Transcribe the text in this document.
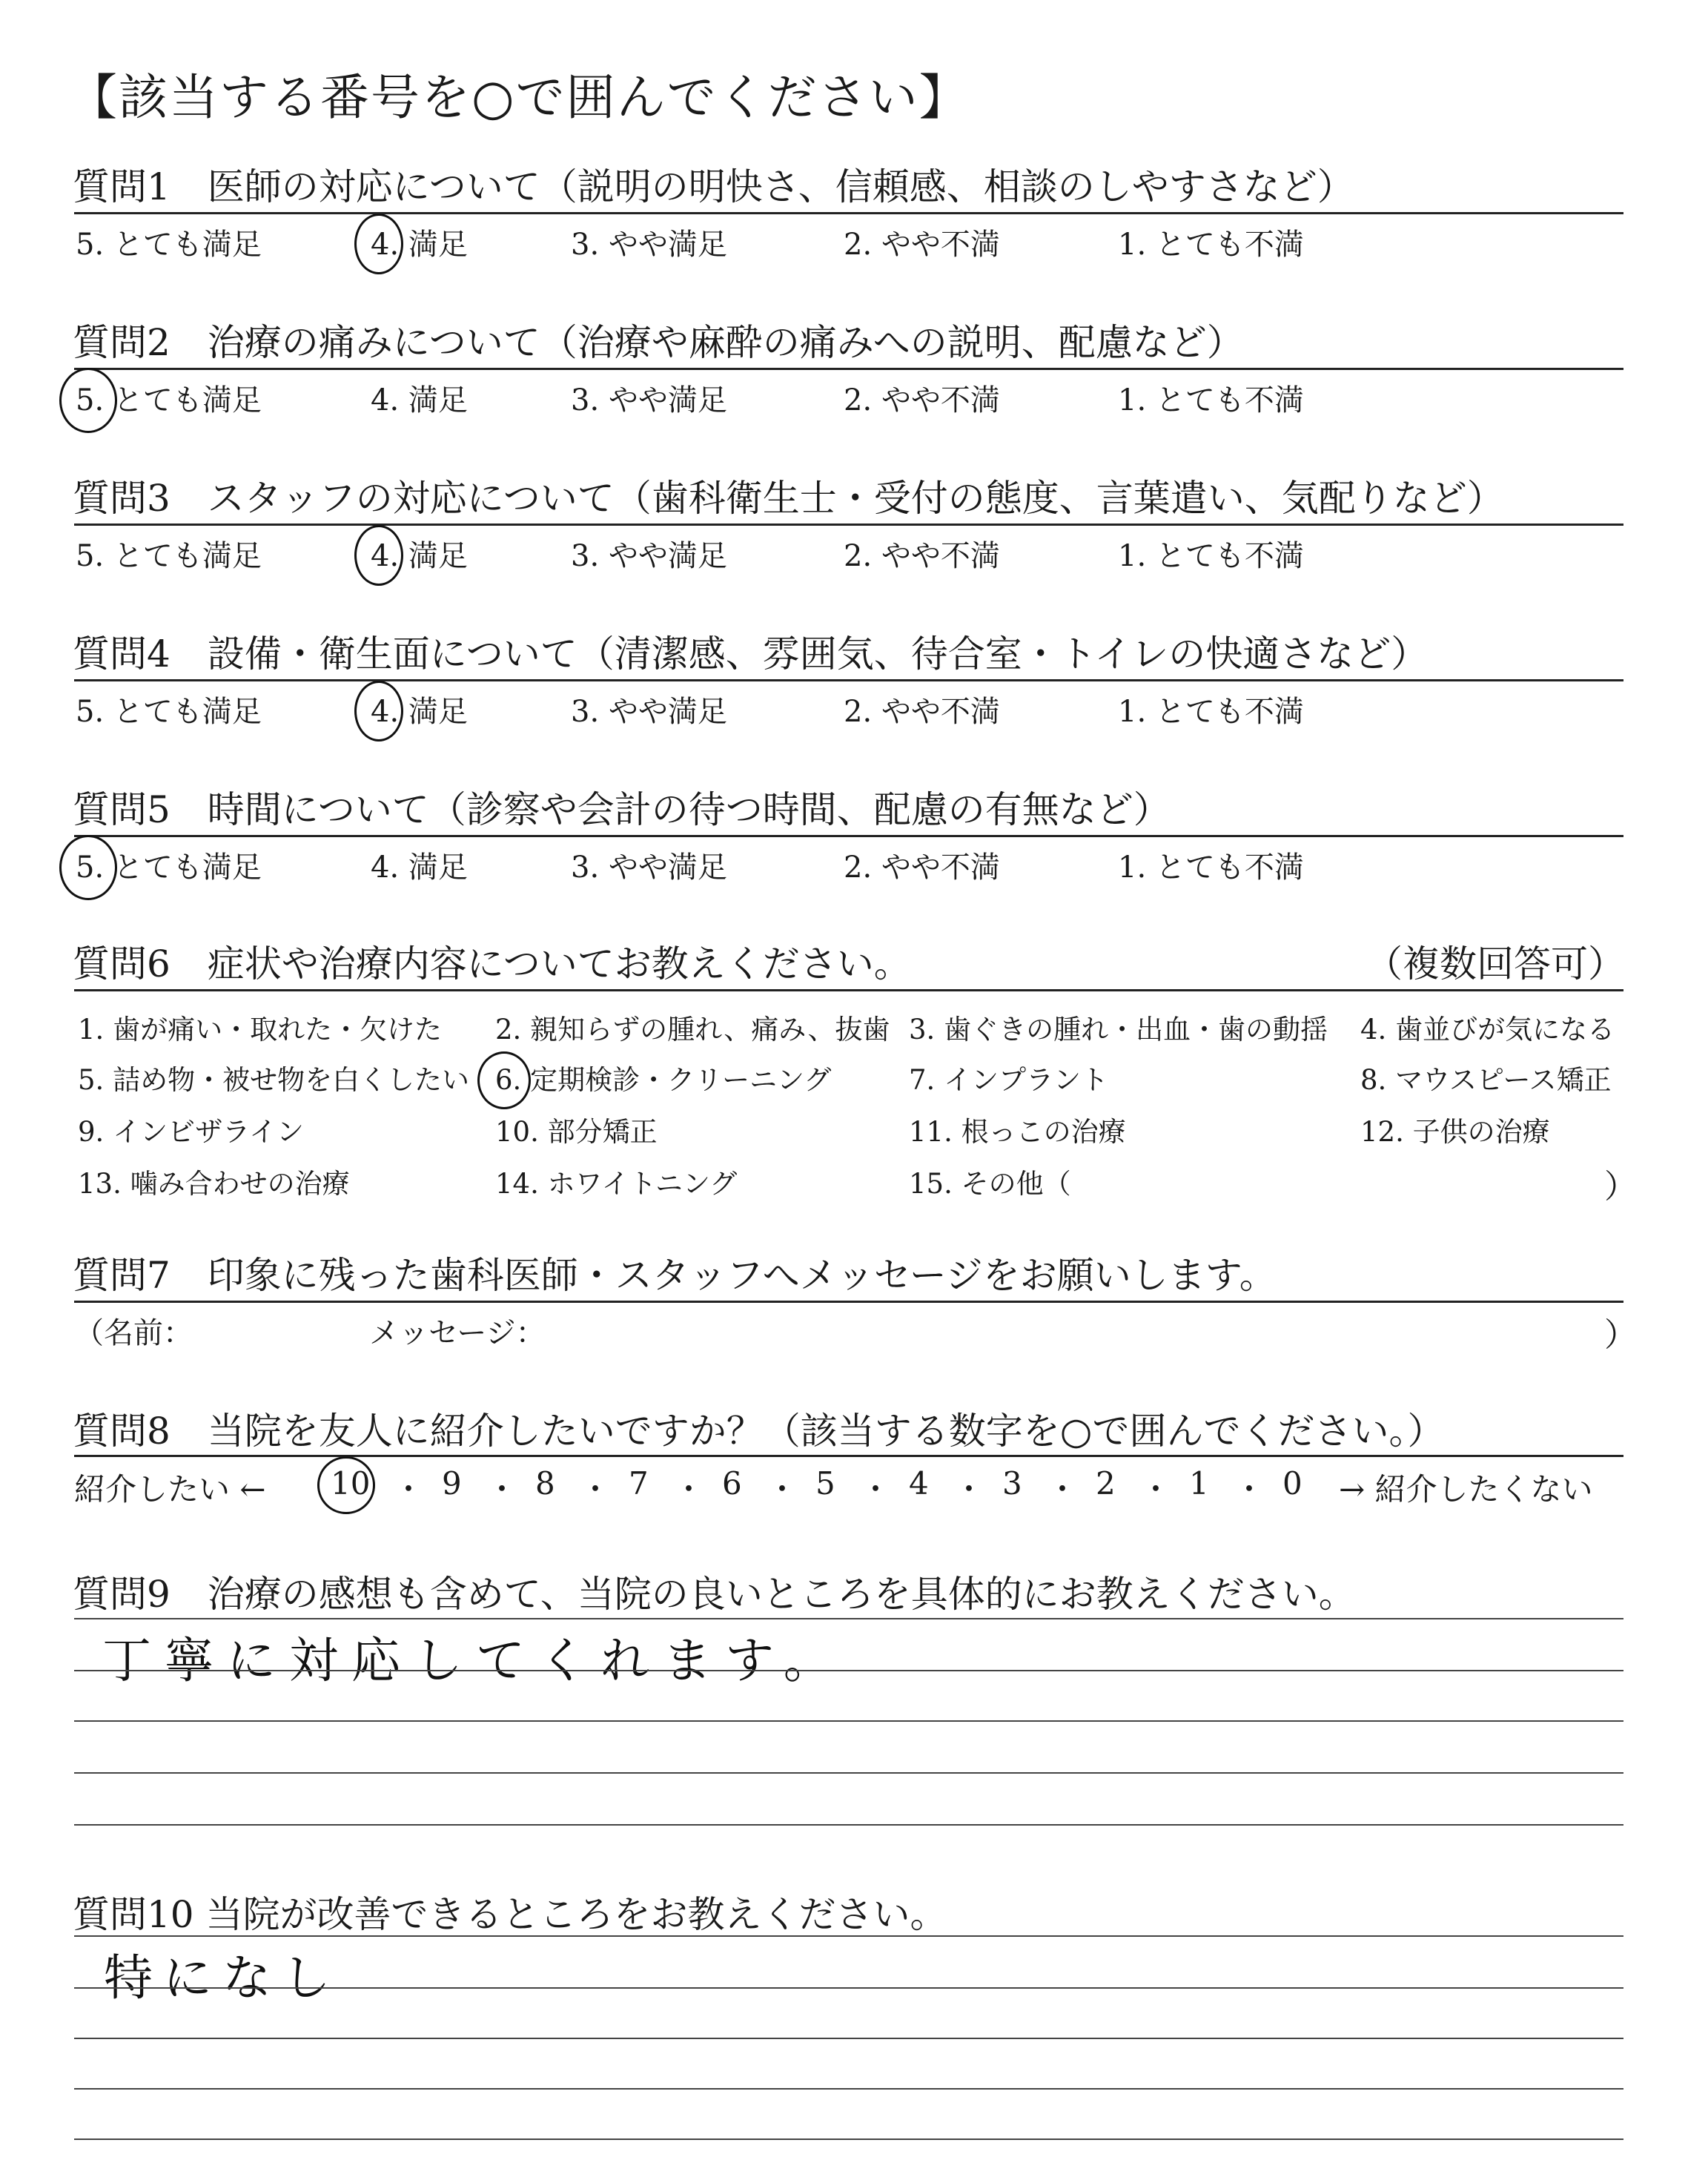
【該当する番号を○で囲んでください】
質問1　医師の対応について（説明の明快さ、信頼感、相談のしやすさなど）
5. とても満足	4. 満足	3. やや満足	2. やや不満	1. とても不満
質問2　治療の痛みについて（治療や麻酔の痛みへの説明、配慮など）
5. とても満足	4. 満足	3. やや満足	2. やや不満	1. とても不満
質問3　スタッフの対応について（歯科衛生士・受付の態度、言葉遣い、気配りなど）
5. とても満足	4. 満足	3. やや満足	2. やや不満	1. とても不満
質問4　設備・衛生面について（清潔感、雰囲気、待合室・トイレの快適さなど）
5. とても満足	4. 満足	3. やや満足	2. やや不満	1. とても不満
質問5　時間について（診察や会計の待つ時間、配慮の有無など）
5. とても満足	4. 満足	3. やや満足	2. やや不満	1. とても不満
質問6　症状や治療内容についてお教えください。	（複数回答可）
1. 歯が痛い・取れた・欠けた 2. 親知らずの腫れ、痛み、抜歯 3. 歯ぐきの腫れ・出血・歯の動揺 4. 歯並びが気になる
5. 詰め物・被せ物を白くしたい 6. 定期検診・クリーニング	7. インプラント	8. マウスピース矯正
9. インビザライン	10. 部分矯正	11. 根っこの治療	12. 子供の治療
13. 噛み合わせの治療	14. ホワイトニング	15. その他（	）
質問7　印象に残った歯科医師・スタッフへメッセージをお願いします。
（名前：	メッセージ：	）
質問8　当院を友人に紹介したいですか？（該当する数字を○で囲んでください。）
紹介したい ← 10 ・ 9 ・ 8 ・ 7 ・ 6 ・ 5 ・ 4 ・ 3 ・ 2 ・ 1 ・ 0 → 紹介したくない
質問9　治療の感想も含めて、当院の良いところを具体的にお教えください。
丁寧に対応してくれます。
質問10 当院が改善できるところをお教えください。
特になし
